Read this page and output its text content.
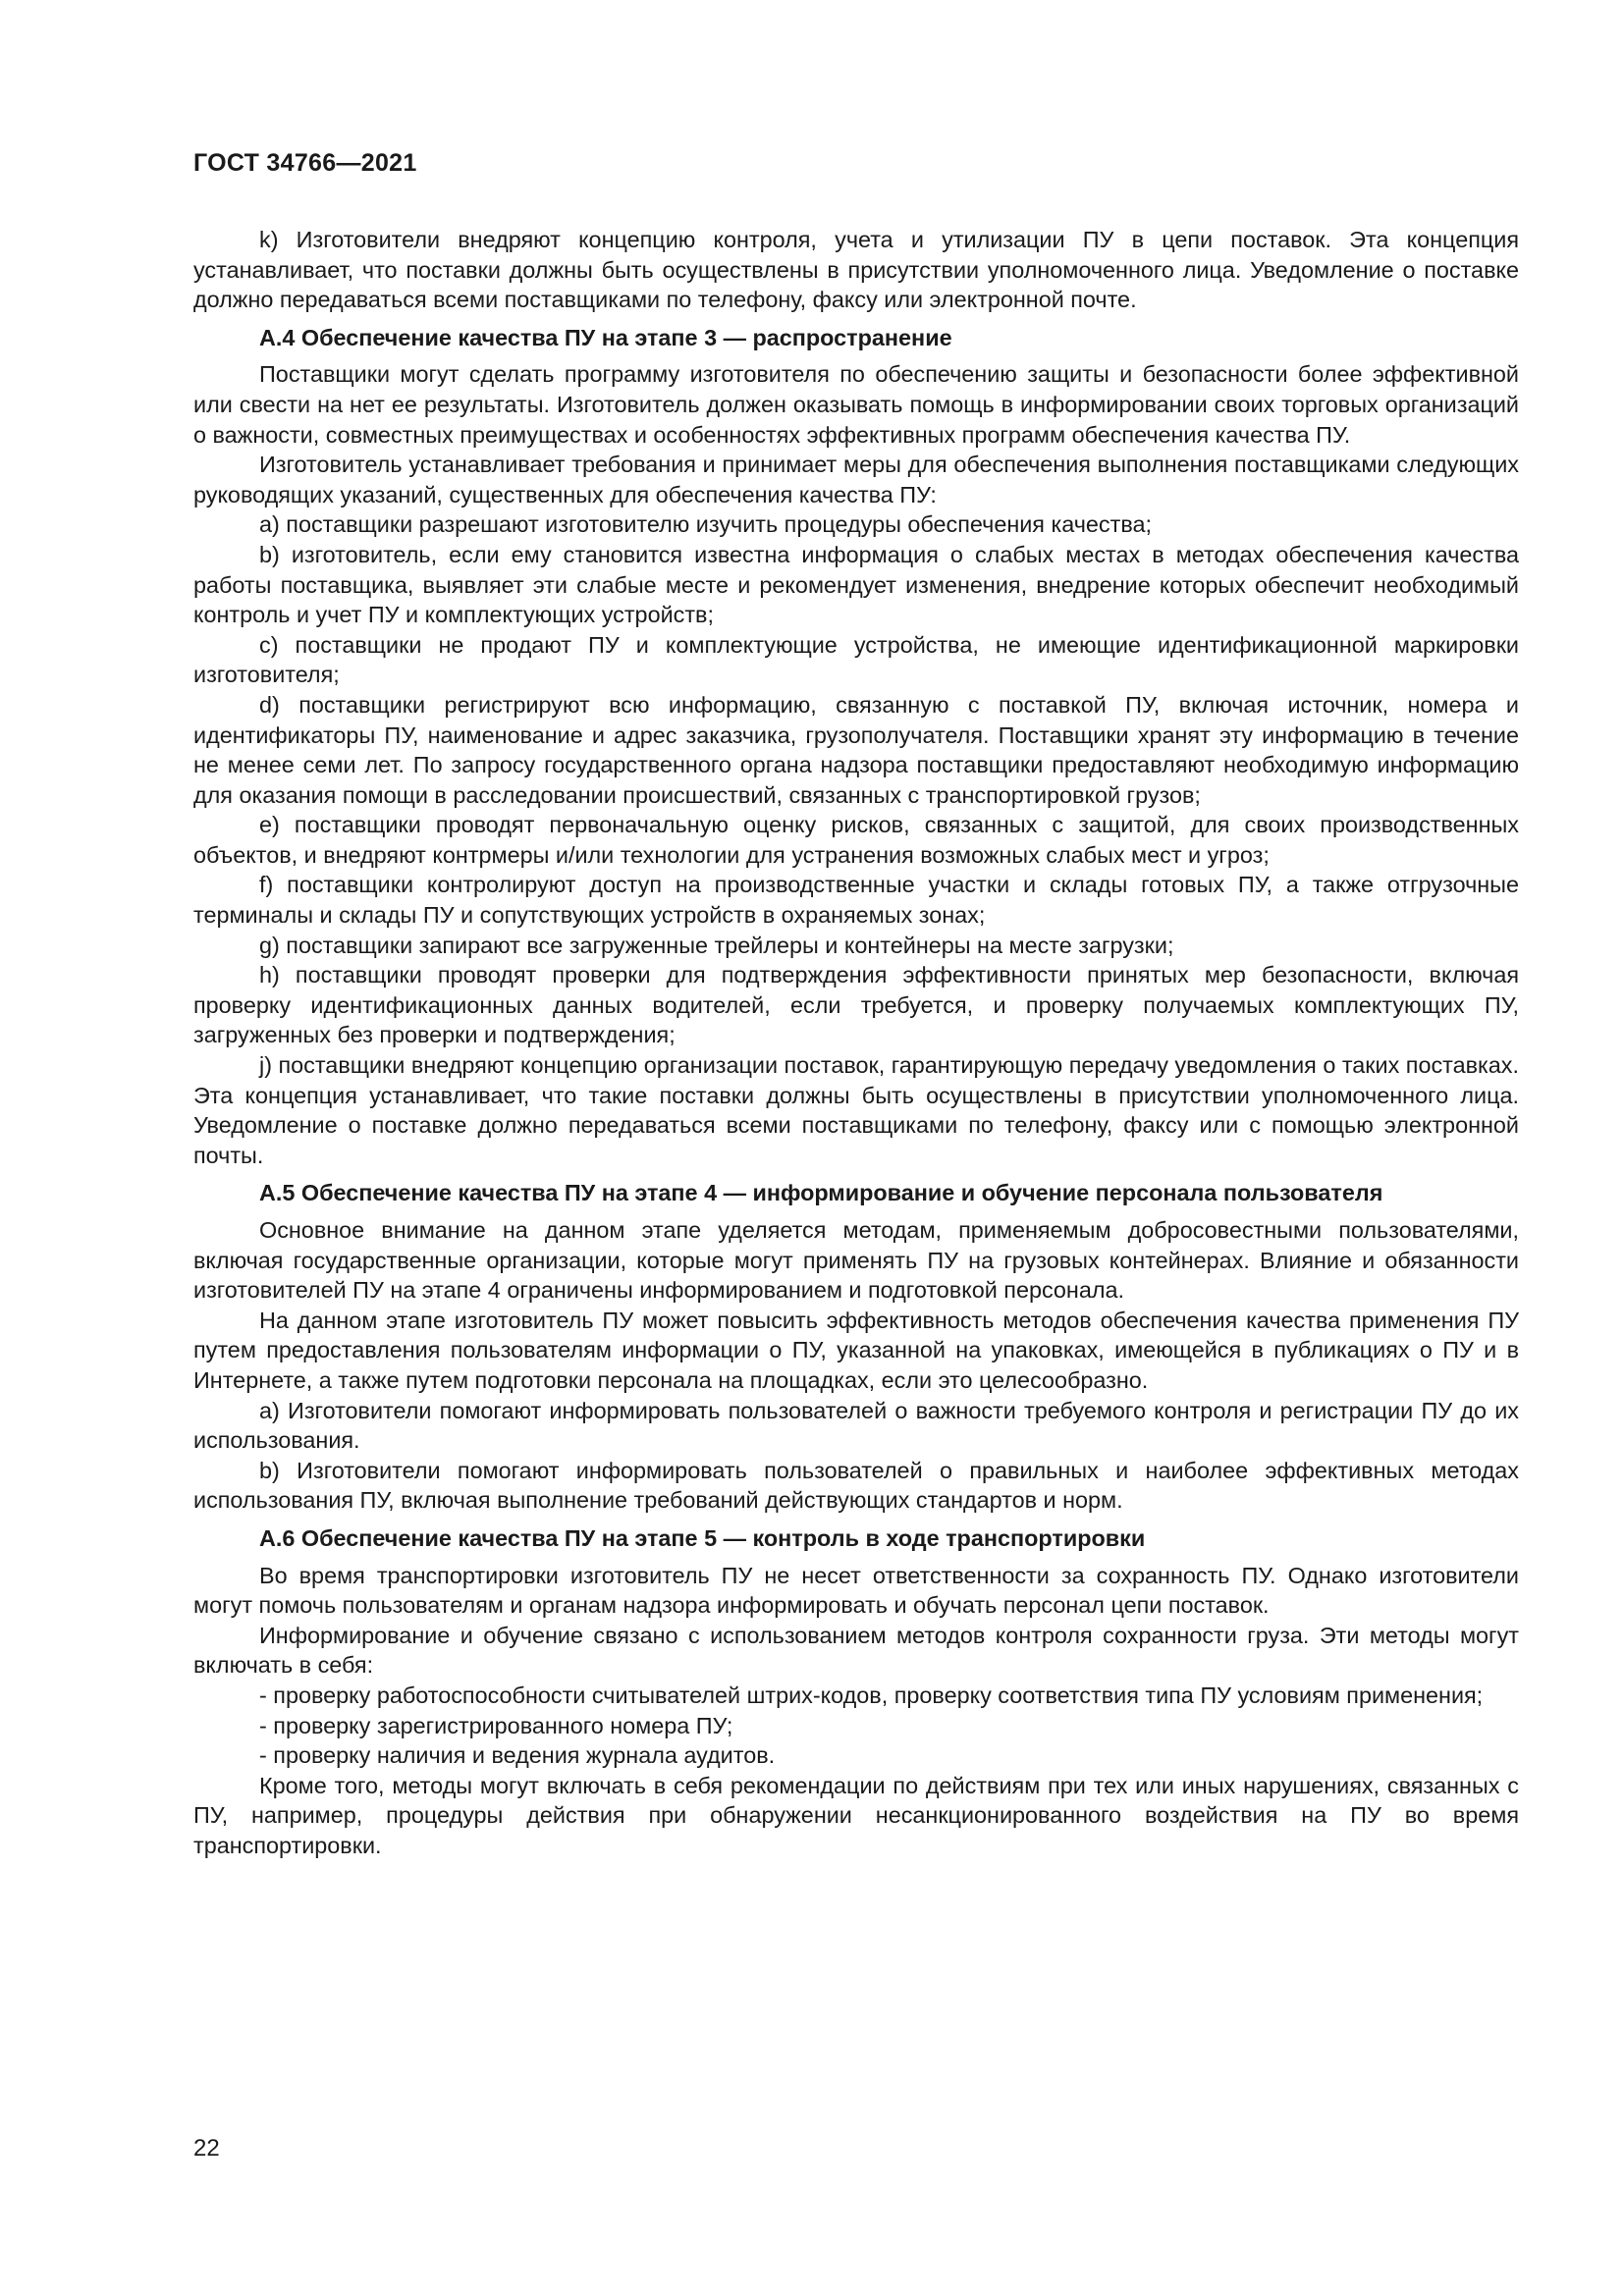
ГОСТ 34766—2021

k) Изготовители внедряют концепцию контроля, учета и утилизации ПУ в цепи поставок. Эта концепция устанавливает, что поставки должны быть осуществлены в присутствии уполномоченного лица. Уведомление о поставке должно передаваться всеми поставщиками по телефону, факсу или электронной почте.

А.4 Обеспечение качества ПУ на этапе 3 — распространение

Поставщики могут сделать программу изготовителя по обеспечению защиты и безопасности более эффективной или свести на нет ее результаты. Изготовитель должен оказывать помощь в информировании своих торговых организаций о важности, совместных преимуществах и особенностях эффективных программ обеспечения качества ПУ.

Изготовитель устанавливает требования и принимает меры для обеспечения выполнения поставщиками следующих руководящих указаний, существенных для обеспечения качества ПУ:

а) поставщики разрешают изготовителю изучить процедуры обеспечения качества;

b) изготовитель, если ему становится известна информация о слабых местах в методах обеспечения качества работы поставщика, выявляет эти слабые месте и рекомендует изменения, внедрение которых обеспечит необходимый контроль и учет ПУ и комплектующих устройств;

с) поставщики не продают ПУ и комплектующие устройства, не имеющие идентификационной маркировки изготовителя;

d) поставщики регистрируют всю информацию, связанную с поставкой ПУ, включая источник, номера и идентификаторы ПУ, наименование и адрес заказчика, грузополучателя. Поставщики хранят эту информацию в течение не менее семи лет. По запросу государственного органа надзора поставщики предоставляют необходимую информацию для оказания помощи в расследовании происшествий, связанных с транспортировкой грузов;

е) поставщики проводят первоначальную оценку рисков, связанных с защитой, для своих производственных объектов, и внедряют контрмеры и/или технологии для устранения возможных слабых мест и угроз;

f) поставщики контролируют доступ на производственные участки и склады готовых ПУ, а также отгрузочные терминалы и склады ПУ и сопутствующих устройств в охраняемых зонах;

g) поставщики запирают все загруженные трейлеры и контейнеры на месте загрузки;

h) поставщики проводят проверки для подтверждения эффективности принятых мер безопасности, включая проверку идентификационных данных водителей, если требуется, и проверку получаемых комплектующих ПУ, загруженных без проверки и подтверждения;

j) поставщики внедряют концепцию организации поставок, гарантирующую передачу уведомления о таких поставках. Эта концепция устанавливает, что такие поставки должны быть осуществлены в присутствии уполномоченного лица. Уведомление о поставке должно передаваться всеми поставщиками по телефону, факсу или с помощью электронной почты.

А.5 Обеспечение качества ПУ на этапе 4 — информирование и обучение персонала пользователя

Основное внимание на данном этапе уделяется методам, применяемым добросовестными пользователями, включая государственные организации, которые могут применять ПУ на грузовых контейнерах. Влияние и обязанности изготовителей ПУ на этапе 4 ограничены информированием и подготовкой персонала.

На данном этапе изготовитель ПУ может повысить эффективность методов обеспечения качества применения ПУ путем предоставления пользователям информации о ПУ, указанной на упаковках, имеющейся в публикациях о ПУ и в Интернете, а также путем подготовки персонала на площадках, если это целесообразно.

а) Изготовители помогают информировать пользователей о важности требуемого контроля и регистрации ПУ до их использования.

b) Изготовители помогают информировать пользователей о правильных и наиболее эффективных методах использования ПУ, включая выполнение требований действующих стандартов и норм.

А.6 Обеспечение качества ПУ на этапе 5 — контроль в ходе транспортировки

Во время транспортировки изготовитель ПУ не несет ответственности за сохранность ПУ. Однако изготовители могут помочь пользователям и органам надзора информировать и обучать персонал цепи поставок.

Информирование и обучение связано с использованием методов контроля сохранности груза. Эти методы могут включать в себя:

- проверку работоспособности считывателей штрих-кодов, проверку соответствия типа ПУ условиям применения;

- проверку зарегистрированного номера ПУ;

- проверку наличия и ведения журнала аудитов.

Кроме того, методы могут включать в себя рекомендации по действиям при тех или иных нарушениях, связанных с ПУ, например, процедуры действия при обнаружении несанкционированного воздействия на ПУ во время транспортировки.

22
